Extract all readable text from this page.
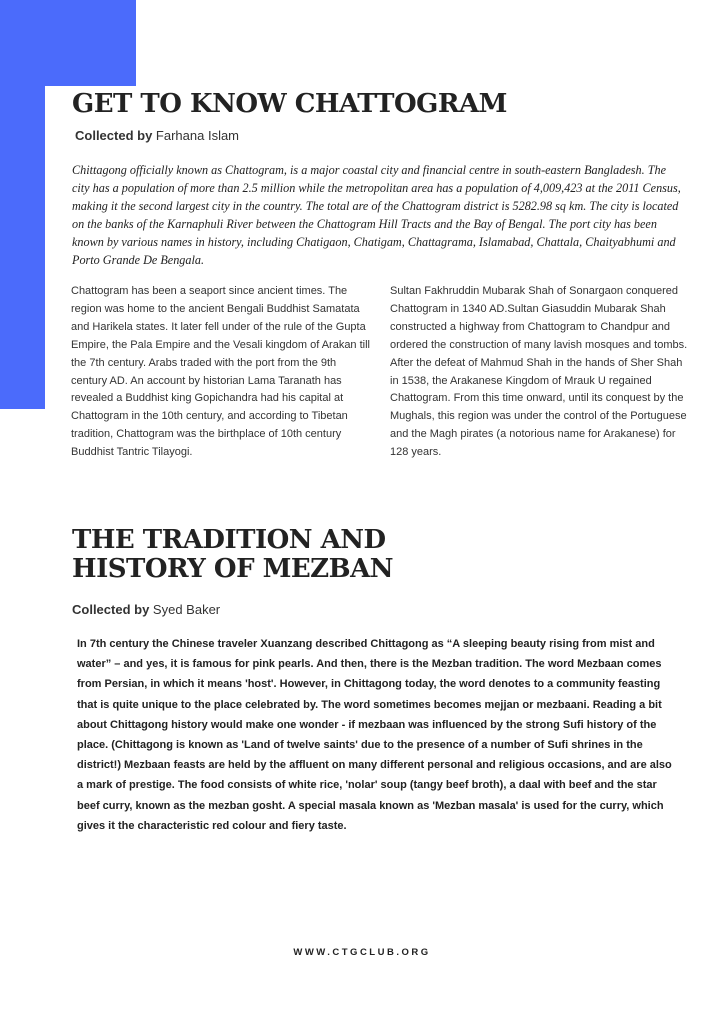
GET TO KNOW CHATTOGRAM
Collected by Farhana Islam

Chittagong officially known as Chattogram, is a major coastal city and financial centre in south-eastern Bangladesh. The city has a population of more than 2.5 million while the metropolitan area has a population of 4,009,423 at the 2011 Census, making it the second largest city in the country. The total are of the Chattogram district is 5282.98 sq km. The city is located on the banks of the Karnaphuli River between the Chattogram Hill Tracts and the Bay of Bengal. The port city has been known by various names in history, including Chatigaon, Chatigam, Chattagrama, Islamabad, Chattala, Chaityabhumi and Porto Grande De Bengala.

Chattogram has been a seaport since ancient times. The region was home to the ancient Bengali Buddhist Samatata and Harikela states. It later fell under of the rule of the Gupta Empire, the Pala Empire and the Vesali kingdom of Arakan till the 7th century. Arabs traded with the port from the 9th century AD. An account by historian Lama Taranath has revealed a Buddhist king Gopichandra had his capital at Chattogram in the 10th century, and according to Tibetan tradition, Chattogram was the birthplace of 10th century Buddhist Tantric Tilayogi.

Sultan Fakhruddin Mubarak Shah of Sonargaon conquered Chattogram in 1340 AD.Sultan Giasuddin Mubarak Shah constructed a highway from Chattogram to Chandpur and ordered the construction of many lavish mosques and tombs. After the defeat of Mahmud Shah in the hands of Sher Shah in 1538, the Arakanese Kingdom of Mrauk U regained Chattogram. From this time onward, until its conquest by the Mughals, this region was under the control of the Portuguese and the Magh pirates (a notorious name for Arakanese) for 128 years.

THE TRADITION AND HISTORY OF MEZBAN
Collected by Syed Baker

In 7th century the Chinese traveler Xuanzang described Chittagong as “A sleeping beauty rising from mist and water” – and yes, it is famous for pink pearls. And then, there is the Mezban tradition. The word Mezbaan comes from Persian, in which it means 'host'. However, in Chittagong today, the word denotes to a community feasting that is quite unique to the place celebrated by. The word sometimes becomes mejjan or mezbaani. Reading a bit about Chittagong history would make one wonder - if mezbaan was influenced by the strong Sufi history of the place. (Chittagong is known as 'Land of twelve saints' due to the presence of a number of Sufi shrines in the district!) Mezbaan feasts are held by the affluent on many different personal and religious occasions, and are also a mark of prestige. The food consists of white rice, 'nolar' soup (tangy beef broth), a daal with beef and the star beef curry, known as the mezban gosht. A special masala known as 'Mezban masala' is used for the curry, which gives it the characteristic red colour and fiery taste.

WWW.CTGCLUB.ORG
